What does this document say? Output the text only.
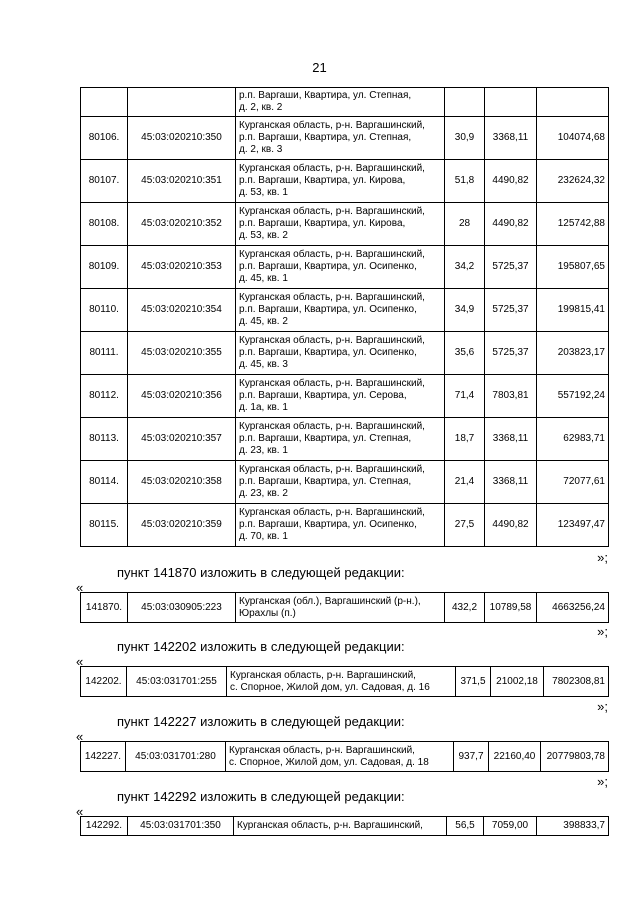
21

		р.п. Варгаши, Квартира, ул. Степная,
д. 2, кв. 2			

80106.	45:03:020210:350	Курганская область, р-н. Варгашинский,
р.п. Варгаши, Квартира, ул. Степная,
д. 2, кв. 3	30,9	3368,11	104074,68
80107.	45:03:020210:351	Курганская область, р-н. Варгашинский,
р.п. Варгаши, Квартира, ул. Кирова,
д. 53, кв. 1	51,8	4490,82	232624,32
80108.	45:03:020210:352	Курганская область, р-н. Варгашинский,
р.п. Варгаши, Квартира, ул. Кирова,
д. 53, кв. 2	28	4490,82	125742,88
80109.	45:03:020210:353	Курганская область, р-н. Варгашинский,
р.п. Варгаши, Квартира, ул. Осипенко,
д. 45, кв. 1	34,2	5725,37	195807,65
80110.	45:03:020210:354	Курганская область, р-н. Варгашинский,
р.п. Варгаши, Квартира, ул. Осипенко,
д. 45, кв. 2	34,9	5725,37	199815,41
80111.	45:03:020210:355	Курганская область, р-н. Варгашинский,
р.п. Варгаши, Квартира, ул. Осипенко,
д. 45, кв. 3	35,6	5725,37	203823,17
80112.	45:03:020210:356	Курганская область, р-н. Варгашинский,
р.п. Варгаши, Квартира, ул. Серова,
д. 1а, кв. 1	71,4	7803,81	557192,24
80113.	45:03:020210:357	Курганская область, р-н. Варгашинский,
р.п. Варгаши, Квартира, ул. Степная,
д. 23, кв. 1	18,7	3368,11	62983,71
80114.	45:03:020210:358	Курганская область, р-н. Варгашинский,
р.п. Варгаши, Квартира, ул. Степная,
д. 23, кв. 2	21,4	3368,11	72077,61
80115.	45:03:020210:359	Курганская область, р-н. Варгашинский,
р.п. Варгаши, Квартира, ул. Осипенко,
д. 70, кв. 1	27,5	4490,82	123497,47
»;
пункт 141870 изложить в следующей редакции:
«
141870.	45:03:030905:223	
Курганская (обл.), Варгашинский (р-н.),
Юрахлы (п.)
	432,2	10789,58	4663256,24
»;
пункт 142202 изложить в следующей редакции:
«
142202.	45:03:031701:255	
Курганская область, р-н. Варгашинский,
с. Спорное, Жилой дом, ул. Садовая, д. 16
	371,5	21002,18	7802308,81
»;
пункт 142227 изложить в следующей редакции:
«
142227.	45:03:031701:280	
Курганская область, р-н. Варгашинский,
с. Спорное, Жилой дом, ул. Садовая, д. 18
	937,7	22160,40	20779803,78
»;
пункт 142292 изложить в следующей редакции:
«
142292.	45:03:031701:350	Курганская область, р-н. Варгашинский,	56,5	7059,00	398833,7
